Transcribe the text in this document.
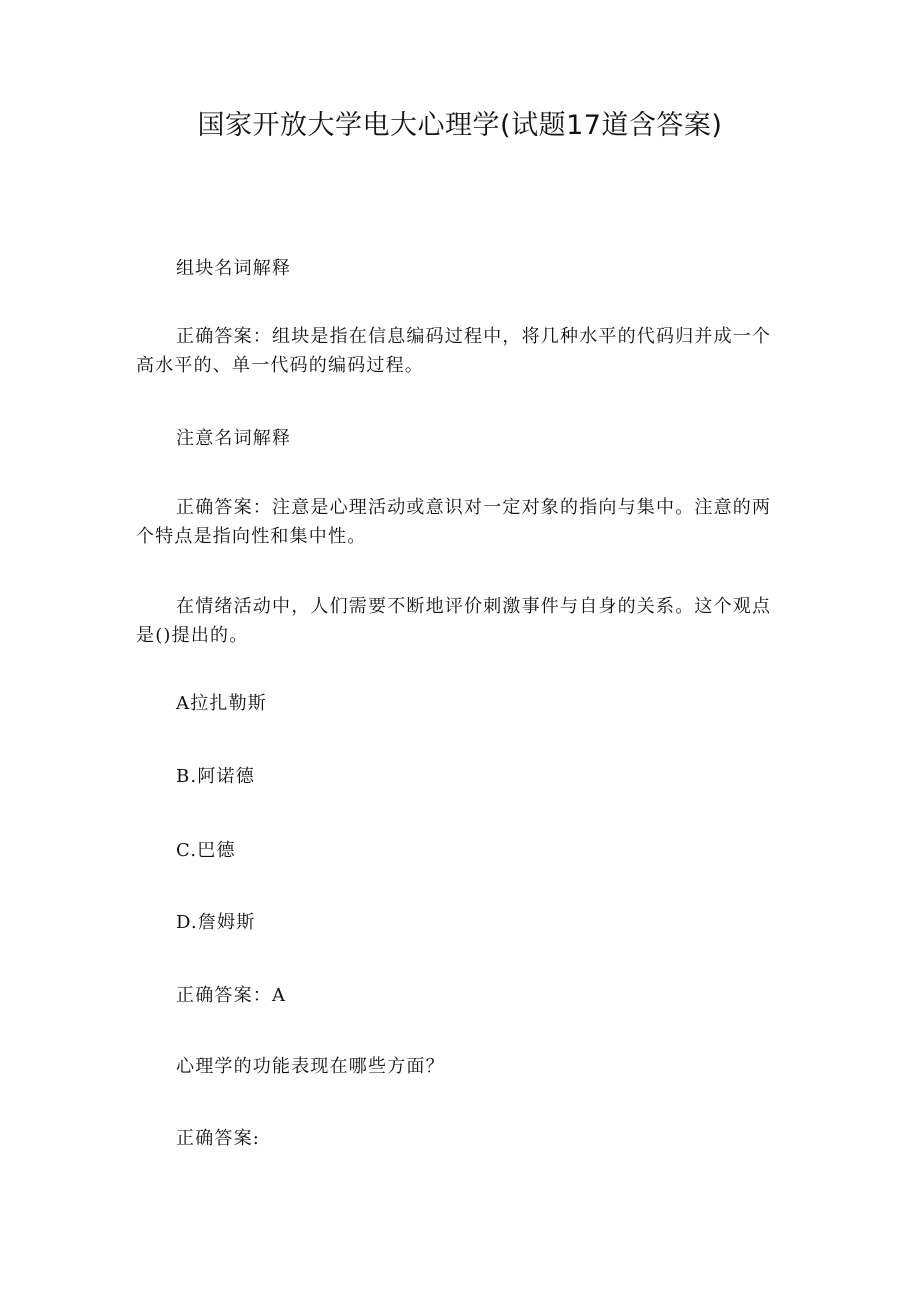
国家开放大学电大心理学(试题17道含答案)

组块名词解释

正确答案：组块是指在信息编码过程中，将几种水平的代码归并成一个高水平的、单一代码的编码过程。

注意名词解释

正确答案：注意是心理活动或意识对一定对象的指向与集中。注意的两个特点是指向性和集中性。

在情绪活动中，人们需要不断地评价刺激事件与自身的关系。这个观点是()提出的。

A拉扎勒斯

B.阿诺德

C.巴德

D.詹姆斯

正确答案：A

心理学的功能表现在哪些方面？

正确答案:
